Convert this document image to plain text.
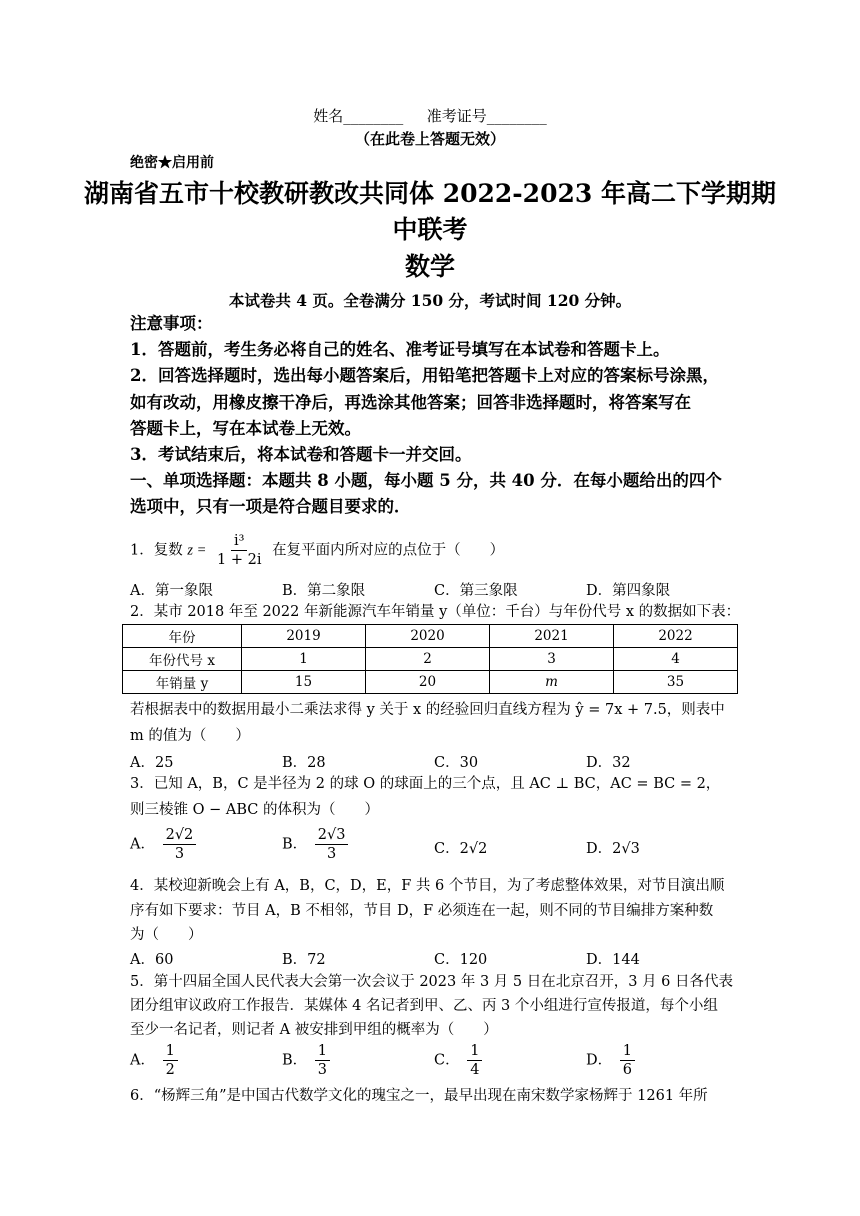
姓名________ 准考证号________
（在此卷上答题无效）
绝密★启用前
湖南省五市十校教研教改共同体 2022-2023 年高二下学期期
中联考
数学
本试卷共 4 页。全卷满分 150 分，考试时间 120 分钟。
注意事项：
1．答题前，考生务必将自己的姓名、准考证号填写在本试卷和答题卡上。
2．回答选择题时，选出每小题答案后，用铅笔把答题卡上对应的答案标号涂黑，
如有改动，用橡皮擦干净后，再选涂其他答案；回答非选择题时，将答案写在
答题卡上，写在本试卷上无效。
3．考试结束后，将本试卷和答题卡一并交回。
一、单项选择题：本题共 8 小题，每小题 5 分，共 40 分．在每小题给出的四个
选项中，只有一项是符合题目要求的．
1．复数 $z = \frac{\text{i³}}{1 + 2i}$ 在复平面内所对应的点位于（　　）
A．第一象限	B．第二象限	C．第三象限	D．第四象限
2．某市 2018 年至 2022 年新能源汽车年销量 y（单位：千台）与年份代号 x 的数据如下表：
年份	2019	2020	2021	2022
年份代号 x	1	2	3	4
年销量 y	15	20	m	35
若根据表中的数据用最小二乘法求得 y 关于 x 的经验回归直线方程为 ŷ = 7x + 7.5，则表中
m 的值为（　　）
A．25	B．28	C．30	D．32
3．已知 A，B，C 是半径为 2 的球 O 的球面上的三个点，且 AC ⊥ BC，AC = BC = 2，
则三棱锥 O − ABC 的体积为（　　）
A． $\frac{2√2}{3}$	B． $\frac{2√3}{3}$	C．2√2	D．2√3
4．某校迎新晚会上有 A，B，C，D，E，F 共 6 个节目，为了考虑整体效果，对节目演出顺
序有如下要求：节目 A，B 不相邻，节目 D，F 必须连在一起，则不同的节目编排方案种数
为（　　）
A．60	B．72	C．120	D．144
5．第十四届全国人民代表大会第一次会议于 2023 年 3 月 5 日在北京召开，3 月 6 日各代表
团分组审议政府工作报告．某媒体 4 名记者到甲、乙、丙 3 个小组进行宣传报道，每个小组
至少一名记者，则记者 A 被安排到甲组的概率为（　　）
A． $\frac{1}{2}$	B． $\frac{1}{3}$	C． $\frac{1}{4}$	D． $\frac{1}{6}$
6．“杨辉三角”是中国古代数学文化的瑰宝之一，最早出现在南宋数学家杨辉于 1261 年所
